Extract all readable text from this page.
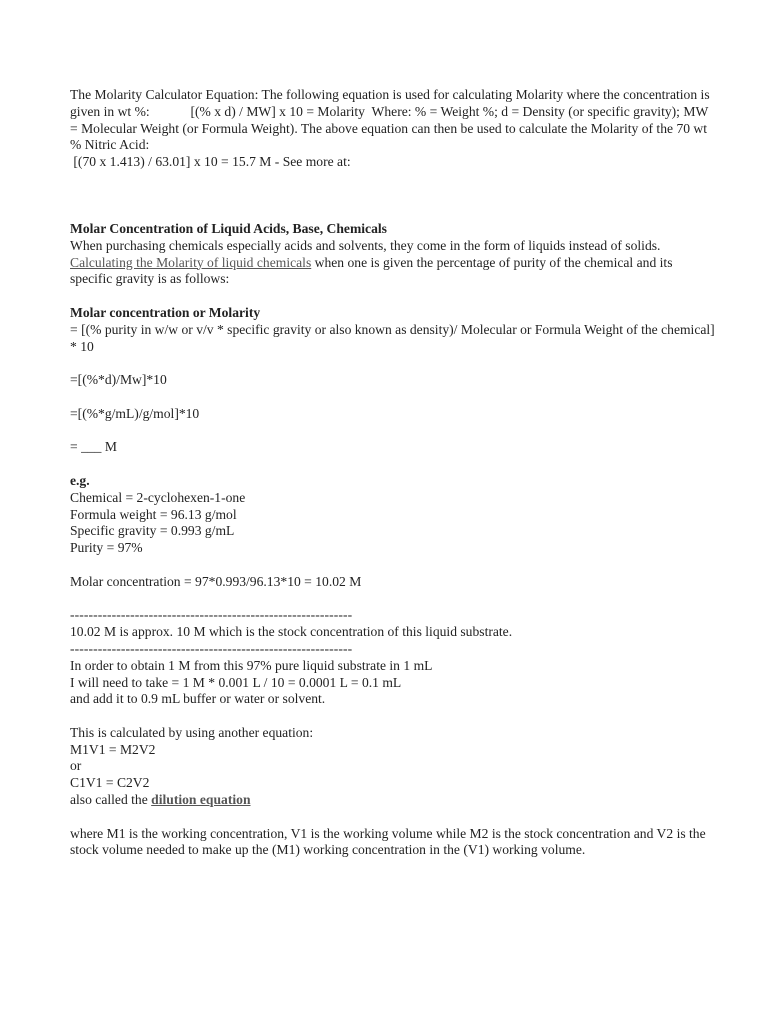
The Molarity Calculator Equation: The following equation is used for calculating Molarity where the concentration is given in wt %:            [(% x d) / MW] x 10 = Molarity  Where: % = Weight %; d = Density (or specific gravity); MW = Molecular Weight (or Formula Weight). The above equation can then be used to calculate the Molarity of the 70 wt % Nitric Acid:
[(70 x 1.413) / 63.01] x 10 = 15.7 M - See more at:
Molar Concentration of Liquid Acids, Base, Chemicals
When purchasing chemicals especially acids and solvents, they come in the form of liquids instead of solids.
Calculating the Molarity of liquid chemicals when one is given the percentage of purity of the chemical and its specific gravity is as follows:
Molar concentration or Molarity
= [(% purity in w/w or v/v * specific gravity or also known as density)/ Molecular or Formula Weight of the chemical] * 10
=[(%*d)/Mw]*10
=[(%*g/mL)/g/mol]*10
= ___ M
e.g.
Chemical = 2-cyclohexen-1-one
Formula weight = 96.13 g/mol
Specific gravity = 0.993 g/mL
Purity = 97%
Molar concentration = 97*0.993/96.13*10 = 10.02 M
-------------------------------------------------------------
10.02 M is approx. 10 M which is the stock concentration of this liquid substrate.
-------------------------------------------------------------
In order to obtain 1 M from this 97% pure liquid substrate in 1 mL
I will need to take = 1 M * 0.001 L / 10 = 0.0001 L = 0.1 mL
and add it to 0.9 mL buffer or water or solvent.
This is calculated by using another equation:
M1V1 = M2V2
or
C1V1 = C2V2
also called the dilution equation
where M1 is the working concentration, V1 is the working volume while M2 is the stock concentration and V2 is the stock volume needed to make up the (M1) working concentration in the (V1) working volume.
